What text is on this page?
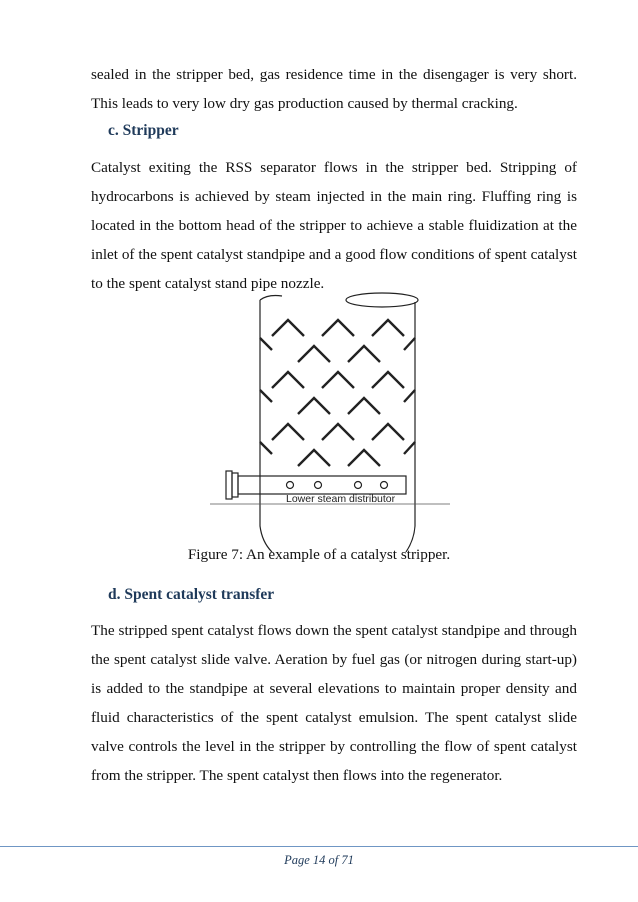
sealed in the stripper bed, gas residence time in the disengager is very short.

This leads to very low dry gas production caused by thermal cracking.

c. Stripper

Catalyst exiting the RSS separator flows in the stripper bed. Stripping of hydrocarbons is achieved by steam injected in the main ring. Fluffing ring is located in the bottom head of the stripper to achieve a stable fluidization at the inlet of the spent catalyst standpipe and a good flow conditions of spent catalyst to the spent catalyst stand pipe nozzle.

Lower steam distributor

Figure 7: An example of a catalyst stripper.

d. Spent catalyst transfer

The stripped spent catalyst flows down the spent catalyst standpipe and through the spent catalyst slide valve. Aeration by fuel gas (or nitrogen during start-up) is added to the standpipe at several elevations to maintain proper density and fluid characteristics of the spent catalyst emulsion. The spent catalyst slide valve controls the level in the stripper by controlling the flow of spent catalyst from the stripper. The spent catalyst then flows into the regenerator.

Page 14 of 71
